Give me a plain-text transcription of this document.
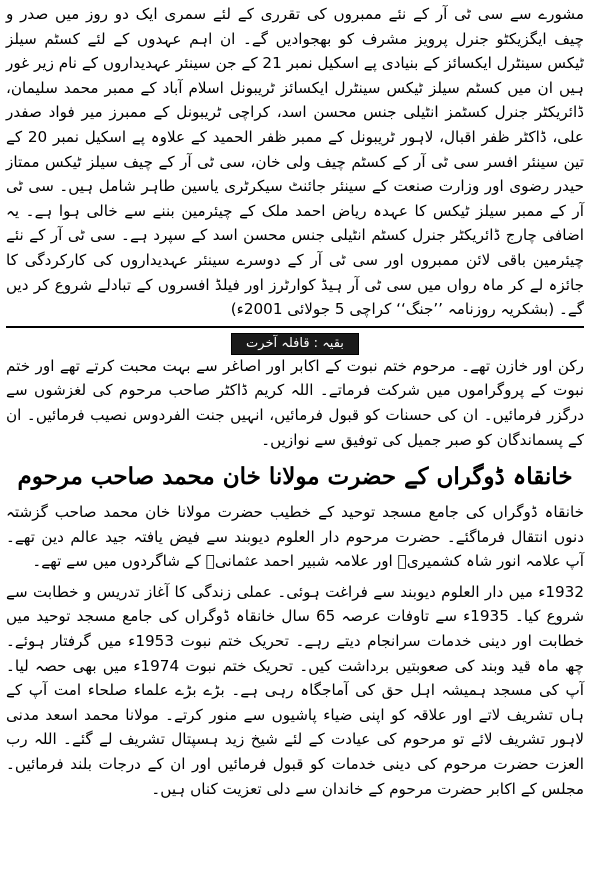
مشورے سے سی ٹی آر کے نئے ممبروں کی تقرری کے لئے سمری ایک دو روز میں صدر و چیف ایگزیکٹو جنرل پرویز مشرف کو بھجوادیں گے۔ ان اہم عہدوں کے لئے کسٹم سیلز ٹیکس سینٹرل ایکسائز کے بنیادی پے اسکیل نمبر 21 کے جن سینئر عہدیداروں کے نام زیر غور ہیں ان میں کسٹم سیلز ٹیکس سینٹرل ایکسائز ٹریبونل اسلام آباد کے ممبر محمد سلیمان، ڈائریکٹر جنرل کسٹمز انٹیلی جنس محسن اسد، کراچی ٹریبونل کے ممبرز میر فواد صفدر علی، ڈاکٹر ظفر اقبال، لاہور ٹریبونل کے ممبر ظفر الحمید کے علاوہ پے اسکیل نمبر 20 کے تین سینئر افسر سی ٹی آر کے کسٹم چیف ولی خان، سی ٹی آر کے چیف سیلز ٹیکس ممتاز حیدر رضوی اور وزارت صنعت کے سینئر جائنٹ سیکرٹری یاسین طاہر شامل ہیں۔ سی ٹی آر کے ممبر سیلز ٹیکس کا عہدہ ریاض احمد ملک کے چیئرمین بننے سے خالی ہوا ہے۔ یہ اضافی چارج ڈائریکٹر جنرل کسٹم انٹیلی جنس محسن اسد کے سپرد ہے۔ سی ٹی آر کے نئے چیئرمین باقی لائن ممبروں اور سی ٹی آر کے دوسرے سینئر عہدیداروں کی کارکردگی کا جائزہ لے کر ماہ رواں میں سی ٹی آر ہیڈ کوارٹرز اور فیلڈ افسروں کے تبادلے شروع کر دیں گے۔ (بشکریہ روزنامہ ’’جنگ‘‘ کراچی 5 جولائی 2001ء)

بقیہ : قافلہ آخرت

رکن اور خازن تھے۔ مرحوم ختم نبوت کے اکابر اور اصاغر سے بہت محبت کرتے تھے اور ختم نبوت کے پروگراموں میں شرکت فرماتے۔ اللہ کریم ڈاکٹر صاحب مرحوم کی لغزشوں سے درگزر فرمائیں۔ ان کی حسنات کو قبول فرمائیں، انہیں جنت الفردوس نصیب فرمائیں۔ ان کے پسماندگان کو صبر جمیل کی توفیق سے نوازیں۔

خانقاہ ڈوگراں کے حضرت مولانا خان محمد صاحب مرحوم

خانقاہ ڈوگراں کی جامع مسجد توحید کے خطیب حضرت مولانا خان محمد صاحب گزشتہ دنوں انتقال فرماگئے۔ حضرت مرحوم دار العلوم دیوبند سے فیض یافتہ جید عالم دین تھے۔ آپ علامہ انور شاہ کشمیریؒ اور علامہ شبیر احمد عثمانیؒ کے شاگردوں میں سے تھے۔

1932ء میں دار العلوم دیوبند سے فراغت ہوئی۔ عملی زندگی کا آغاز تدریس و خطابت سے شروع کیا۔ 1935ء سے تاوفات عرصہ 65 سال خانقاہ ڈوگراں کی جامع مسجد توحید میں خطابت اور دینی خدمات سرانجام دیتے رہے۔ تحریک ختم نبوت 1953ء میں گرفتار ہوئے۔ چھ ماہ قید وبند کی صعوبتیں برداشت کیں۔ تحریک ختم نبوت 1974ء میں بھی حصہ لیا۔ آپ کی مسجد ہمیشہ اہل حق کی آماجگاہ رہی ہے۔ بڑے بڑے علماء صلحاء امت آپ کے ہاں تشریف لاتے اور علاقہ کو اپنی ضیاء پاشیوں سے منور کرتے۔ مولانا محمد اسعد مدنی لاہور تشریف لائے تو مرحوم کی عیادت کے لئے شیخ زید ہسپتال تشریف لے گئے۔ اللہ رب العزت حضرت مرحوم کی دینی خدمات کو قبول فرمائیں اور ان کے درجات بلند فرمائیں۔ مجلس کے اکابر حضرت مرحوم کے خاندان سے دلی تعزیت کناں ہیں۔
